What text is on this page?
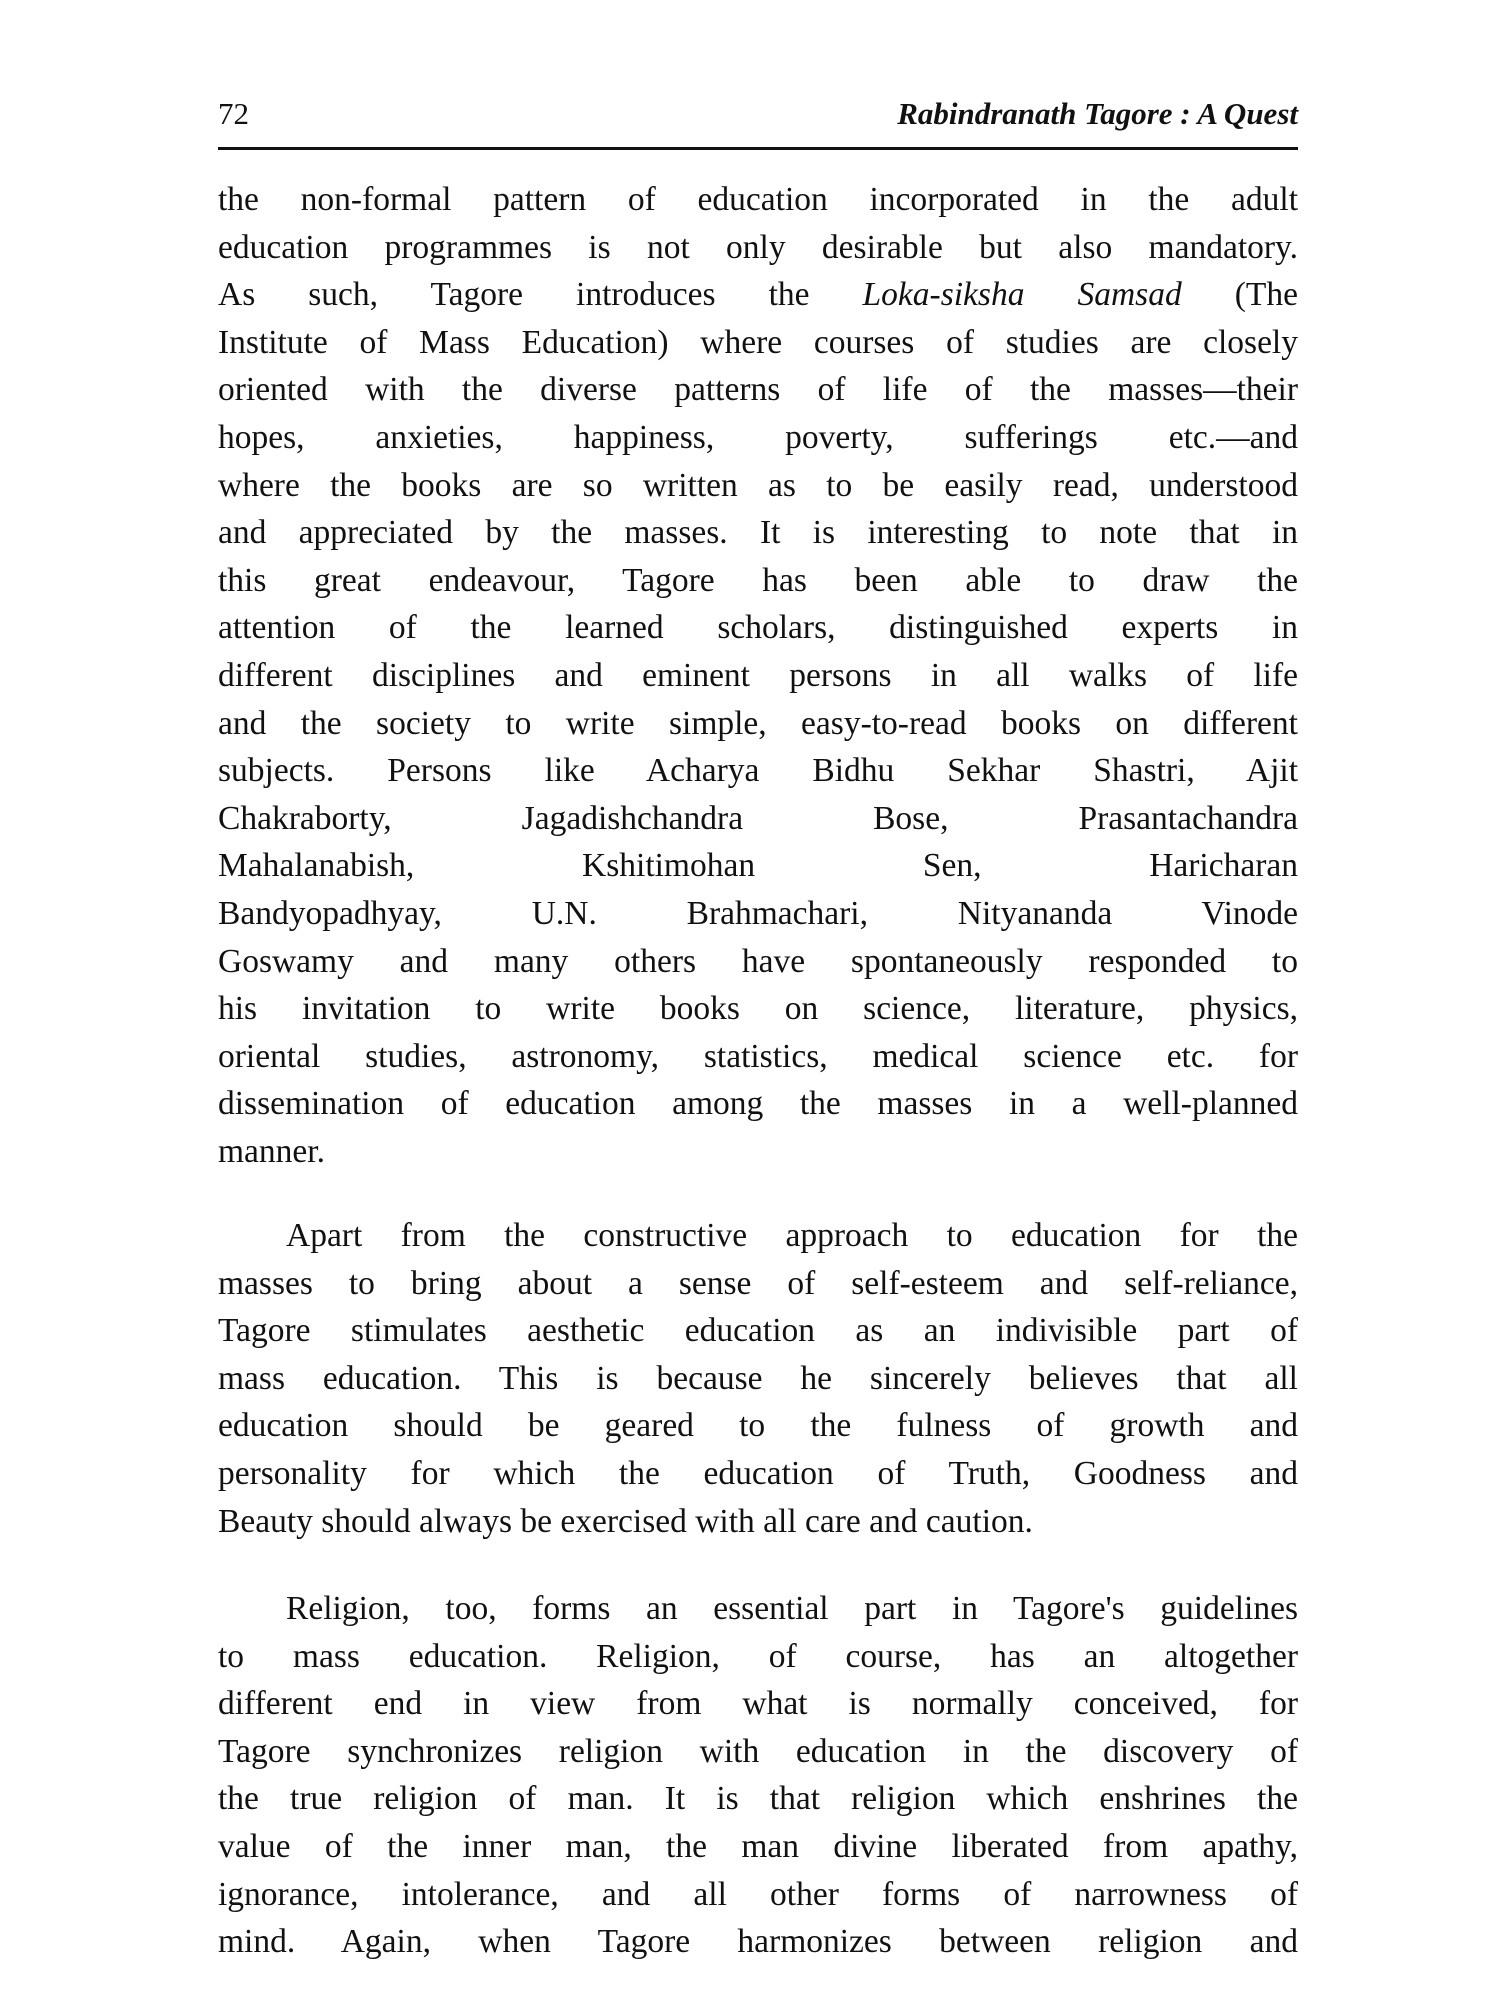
72	Rabindranath Tagore : A Quest
the non-formal pattern of education incorporated in the adult
education programmes is not only desirable but also mandatory.
As such, Tagore introduces the Loka-siksha Samsad (The
Institute of Mass Education) where courses of studies are closely
oriented with the diverse patterns of life of the masses—their
hopes, anxieties, happiness, poverty, sufferings etc.—and
where the books are so written as to be easily read, understood
and appreciated by the masses. It is interesting to note that in
this great endeavour, Tagore has been able to draw the
attention of the learned scholars, distinguished experts in
different disciplines and eminent persons in all walks of life
and the society to write simple, easy-to-read books on different
subjects. Persons like Acharya Bidhu Sekhar Shastri, Ajit
Chakraborty, Jagadishchandra Bose, Prasantachandra
Mahalanabish, Kshitimohan Sen, Haricharan
Bandyopadhyay, U.N. Brahmachari, Nityananda Vinode
Goswamy and many others have spontaneously responded to
his invitation to write books on science, literature, physics,
oriental studies, astronomy, statistics, medical science etc. for
dissemination of education among the masses in a well-planned
manner.
Apart from the constructive approach to education for the
masses to bring about a sense of self-esteem and self-reliance,
Tagore stimulates aesthetic education as an indivisible part of
mass education. This is because he sincerely believes that all
education should be geared to the fulness of growth and
personality for which the education of Truth, Goodness and
Beauty should always be exercised with all care and caution.
Religion, too, forms an essential part in Tagore's guidelines
to mass education. Religion, of course, has an altogether
different end in view from what is normally conceived, for
Tagore synchronizes religion with education in the discovery of
the true religion of man. It is that religion which enshrines the
value of the inner man, the man divine liberated from apathy,
ignorance, intolerance, and all other forms of narrowness of
mind. Again, when Tagore harmonizes between religion and
